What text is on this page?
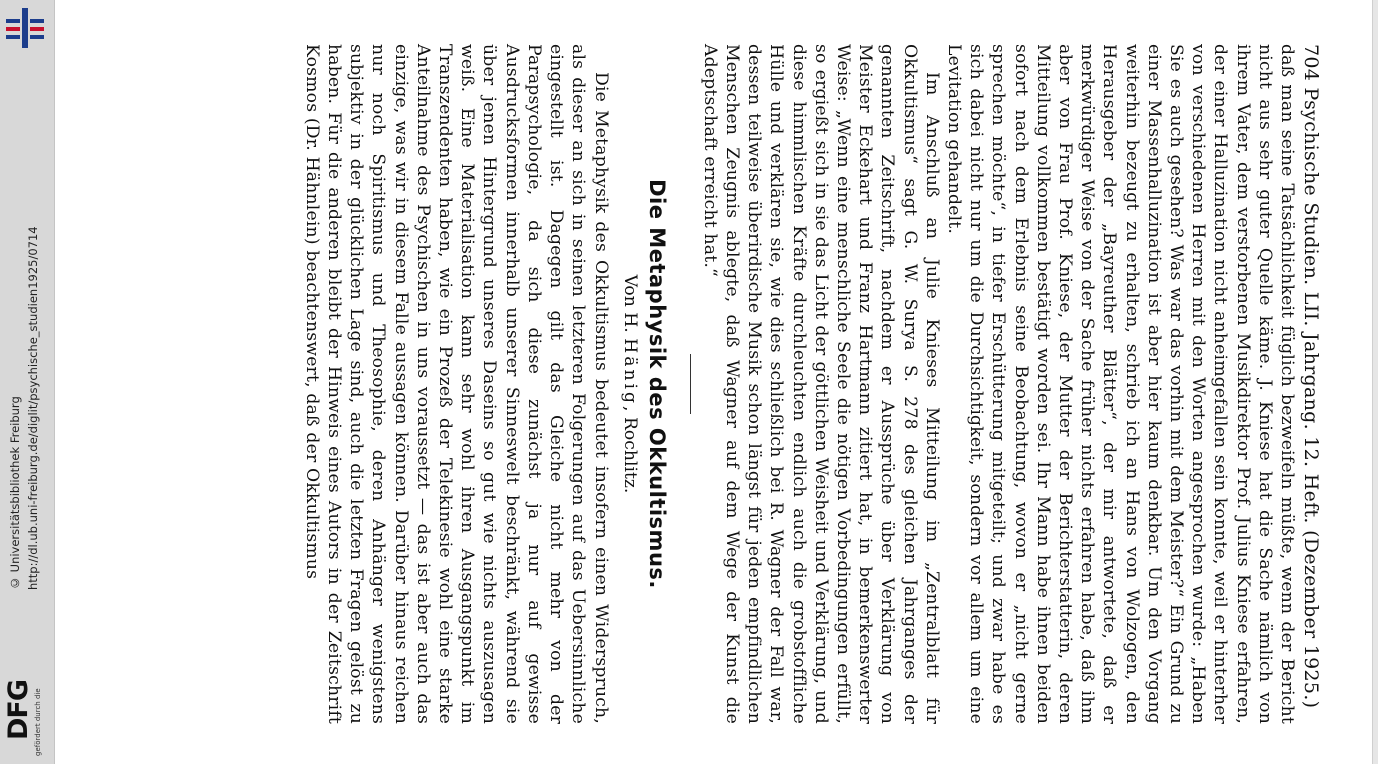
http://dl.ub.uni-freiburg.de/diglit/psychische_studien1925/0714
© Universitätsbibliothek Freiburg
DFG gefördert durch die

704 Psychische Studien. LII. Jahrgang. 12. Heft. (Dezember 1925.)

daß man seine Tatsächlichkeit füglich bezweifeln müßte, wenn der Bericht nicht aus sehr guter Quelle käme. J. Kniese hat die Sache nämlich von ihrem Vater, dem verstorbenen Musikdirektor Prof. Julius Kniese erfahren, der einer Halluzination nicht anheimgefallen sein konnte, weil er hinterher von verschiedenen Herren mit den Worten angesprochen wurde: „Haben Sie es auch gesehen? Was war das vorhin mit dem Meister?“ Ein Grund zu einer Massenhalluzination ist aber hier kaum denkbar. Um den Vorgang weiterhin bezeugt zu erhalten, schrieb ich an Hans von Wolzogen, den Herausgeber der „Bayreuther Blätter“, der mir antwortete, daß er merkwürdiger Weise von der Sache früher nichts erfahren habe, daß ihm aber von Frau Prof. Kniese, der Mutter der Berichterstatterin, deren Mitteilung vollkommen bestätigt worden sei. Ihr Mann habe ihnen beiden sofort nach dem Erlebnis seine Beobachtung, wovon er „nicht gerne sprechen möchte“, in tiefer Erschütterung mitgeteilt; und zwar habe es sich dabei nicht nur um die Durchsichtigkeit, sondern vor allem um eine Levitation gehandelt.

Im Anschluß an Julie Knieses Mitteilung im „Zentralblatt für Okkultismus“ sagt G. W. Surya S. 278 des gleichen Jahrganges der genannten Zeitschrift, nachdem er Aussprüche über Verklärung von Meister Eckehart und Franz Hartmann zitiert hat, in bemerkenswerter Weise: „Wenn eine menschliche Seele die nötigen Vorbedingungen erfüllt, so ergießt sich in sie das Licht der göttlichen Weisheit und Verklärung, und diese himmlischen Kräfte durchleuchten endlich auch die grobstoffliche Hülle und verklären sie, wie dies schließlich bei R. Wagner der Fall war, dessen teilweise überirdische Musik schon längst für jeden empfindlichen Menschen Zeugnis ablegte, daß Wagner auf dem Wege der Kunst die Adeptschaft erreicht hat.“

Die Metaphysik des Okkultismus.

Von H. Hänig, Rochlitz.

Die Metaphysik des Okkultismus bedeutet insofern einen Widerspruch, als dieser an sich in seinen letzteren Folgerungen auf das Uebersinnliche eingestellt ist. Dagegen gilt das Gleiche nicht mehr von der Parapsychologie, da sich diese zunächst ja nur auf gewisse Ausdrucksformen innerhalb unserer Sinneswelt beschränkt, während sie über jenen Hintergrund unseres Daseins so gut wie nichts auszusagen weiß. Eine Materialisation kann sehr wohl ihren Ausgangspunkt im Transzendenten haben, wie ein Prozeß der Telekinesie wohl eine starke Anteilnahme des Psychischen in uns voraussetzt — das ist aber auch das einzige, was wir in diesem Falle aussagen können. Darüber hinaus reichen nur noch Spiritismus und Theosophie, deren Anhänger wenigstens subjektiv in der glücklichen Lage sind, auch die letzten Fragen gelöst zu haben. Für die anderen bleibt der Hinweis eines Autors in der Zeitschrift Kosmos (Dr. Hähnlein) beachtenswert, daß der Okkultismus
